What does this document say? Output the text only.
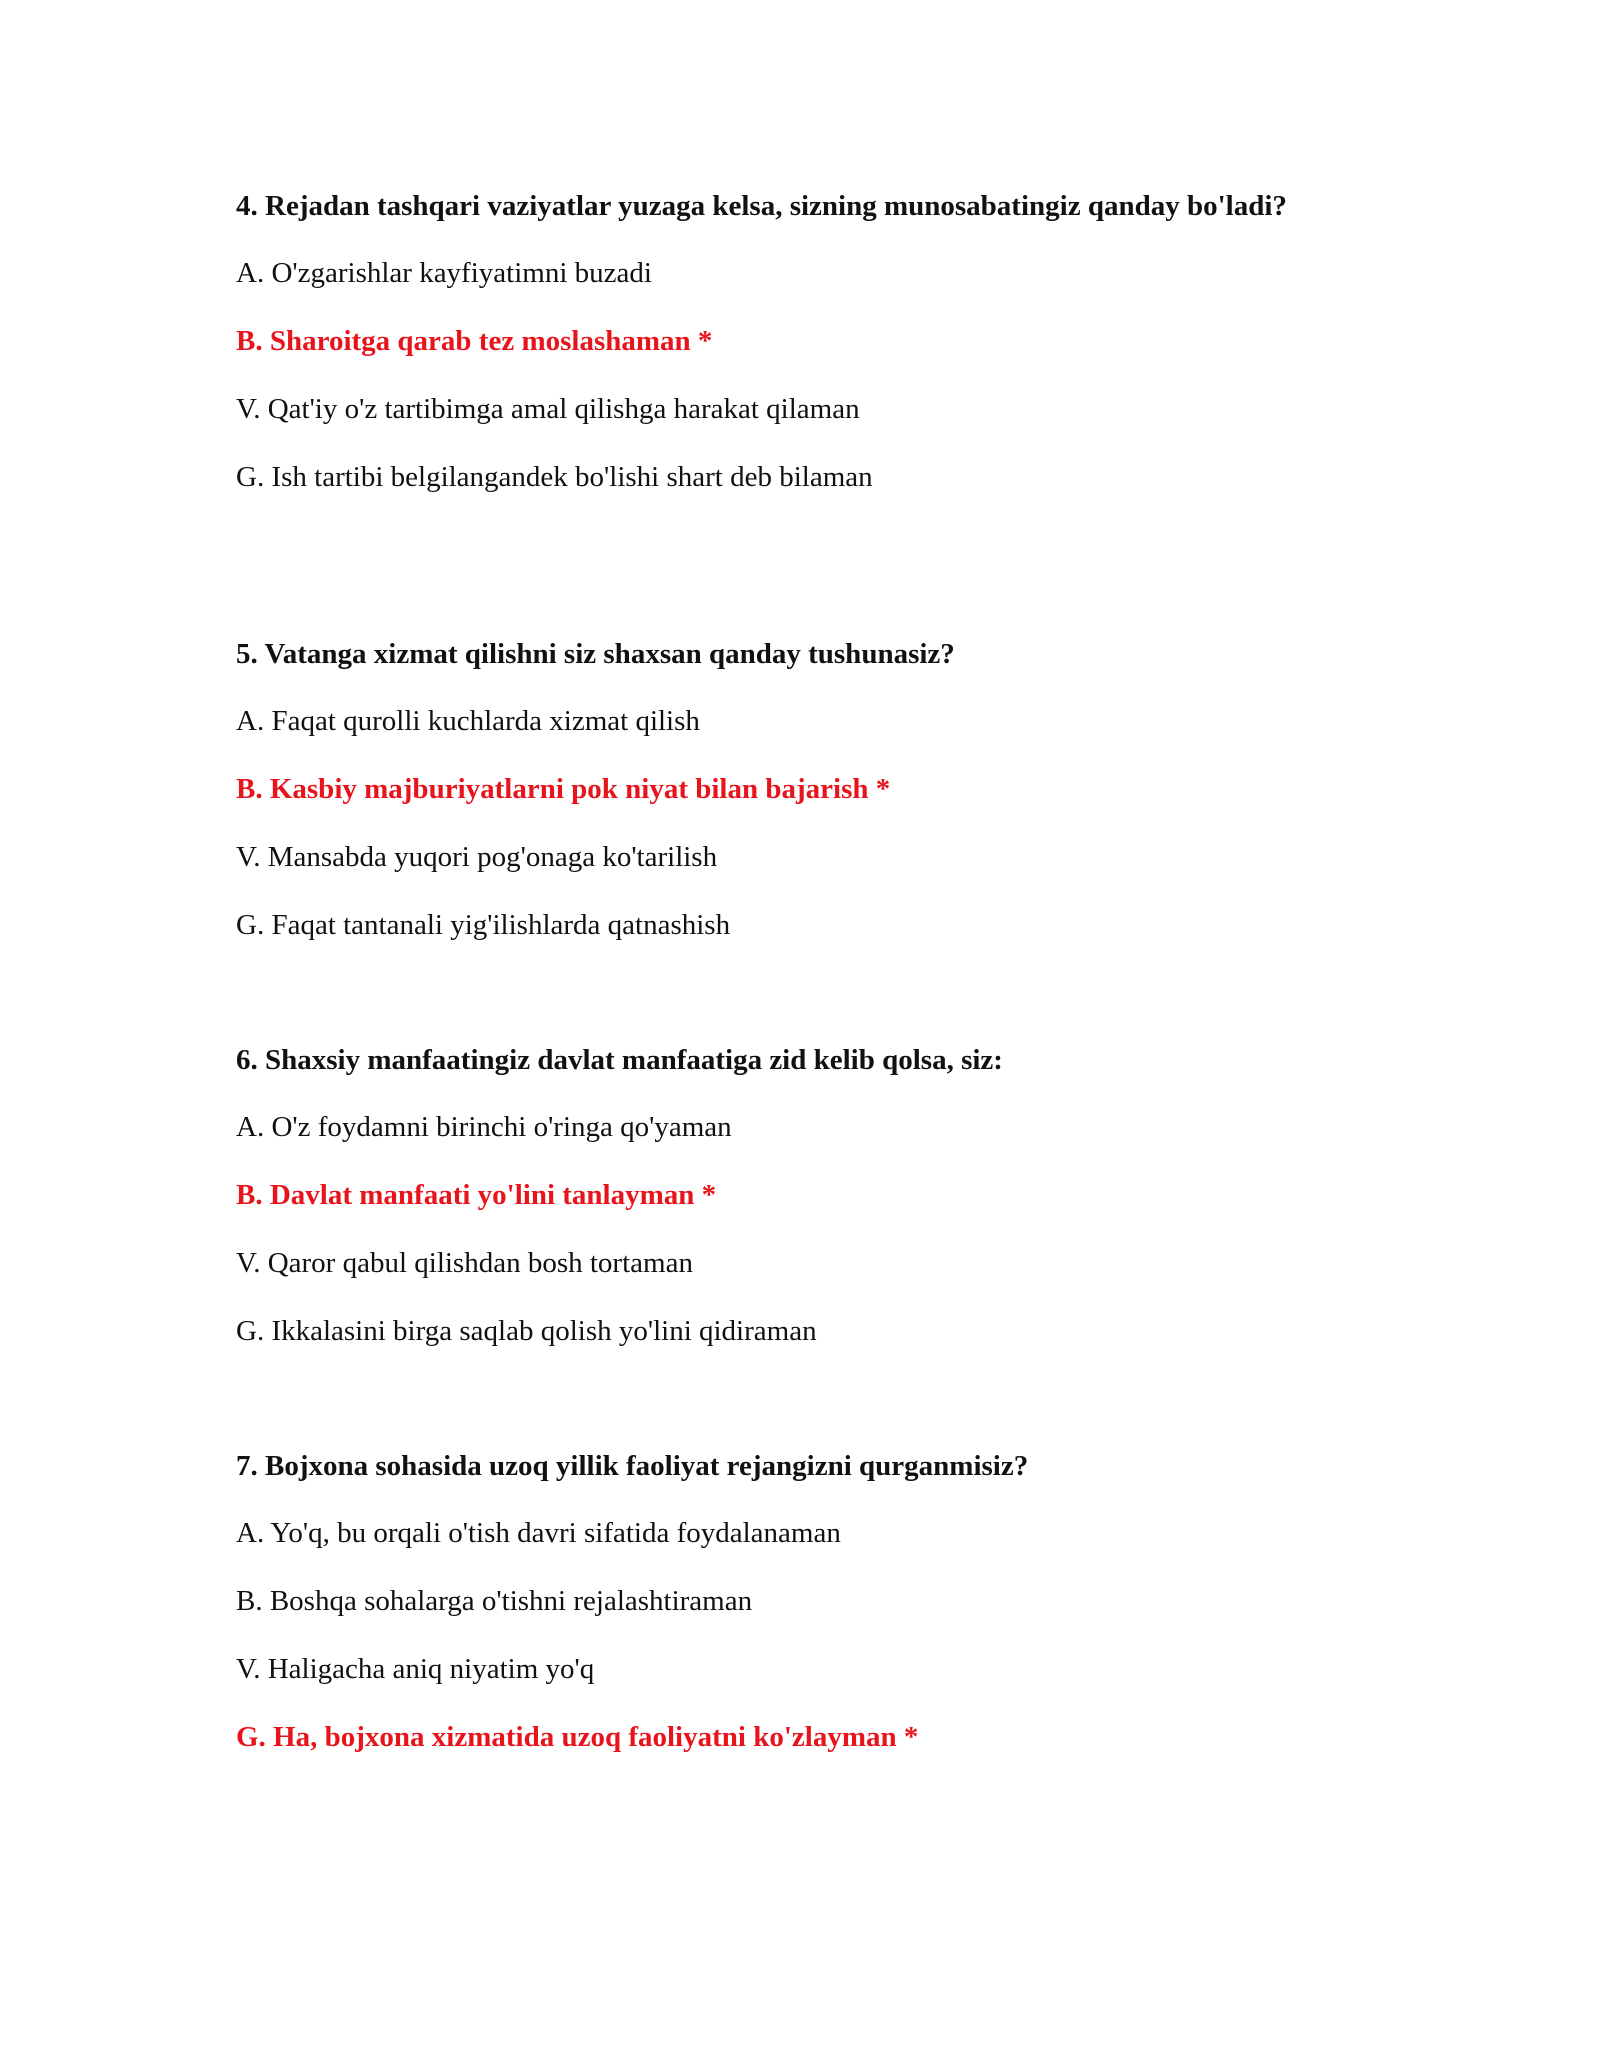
4. Rejadan tashqari vaziyatlar yuzaga kelsa, sizning munosabatingiz qanday bo'ladi?
A. O'zgarishlar kayfiyatimni buzadi
B. Sharoitga qarab tez moslashaman *
V. Qat'iy o'z tartibimga amal qilishga harakat qilaman
G. Ish tartibi belgilangandek bo'lishi shart deb bilaman
5. Vatanga xizmat qilishni siz shaxsan qanday tushunasiz?
A. Faqat qurolli kuchlarda xizmat qilish
B. Kasbiy majburiyatlarni pok niyat bilan bajarish *
V. Mansabda yuqori pog'onaga ko'tarilish
G. Faqat tantanali yig'ilishlarda qatnashish
6. Shaxsiy manfaatingiz davlat manfaatiga zid kelib qolsa, siz:
A. O'z foydamni birinchi o'ringa qo'yaman
B. Davlat manfaati yo'lini tanlayman *
V. Qaror qabul qilishdan bosh tortaman
G. Ikkalasini birga saqlab qolish yo'lini qidiraman
7. Bojxona sohasida uzoq yillik faoliyat rejangizni qurganmisiz?
A. Yo'q, bu orqali o'tish davri sifatida foydalanaman
B. Boshqa sohalarga o'tishni rejalashtiraman
V. Haligacha aniq niyatim yo'q
G. Ha, bojxona xizmatida uzoq faoliyatni ko'zlayman *
